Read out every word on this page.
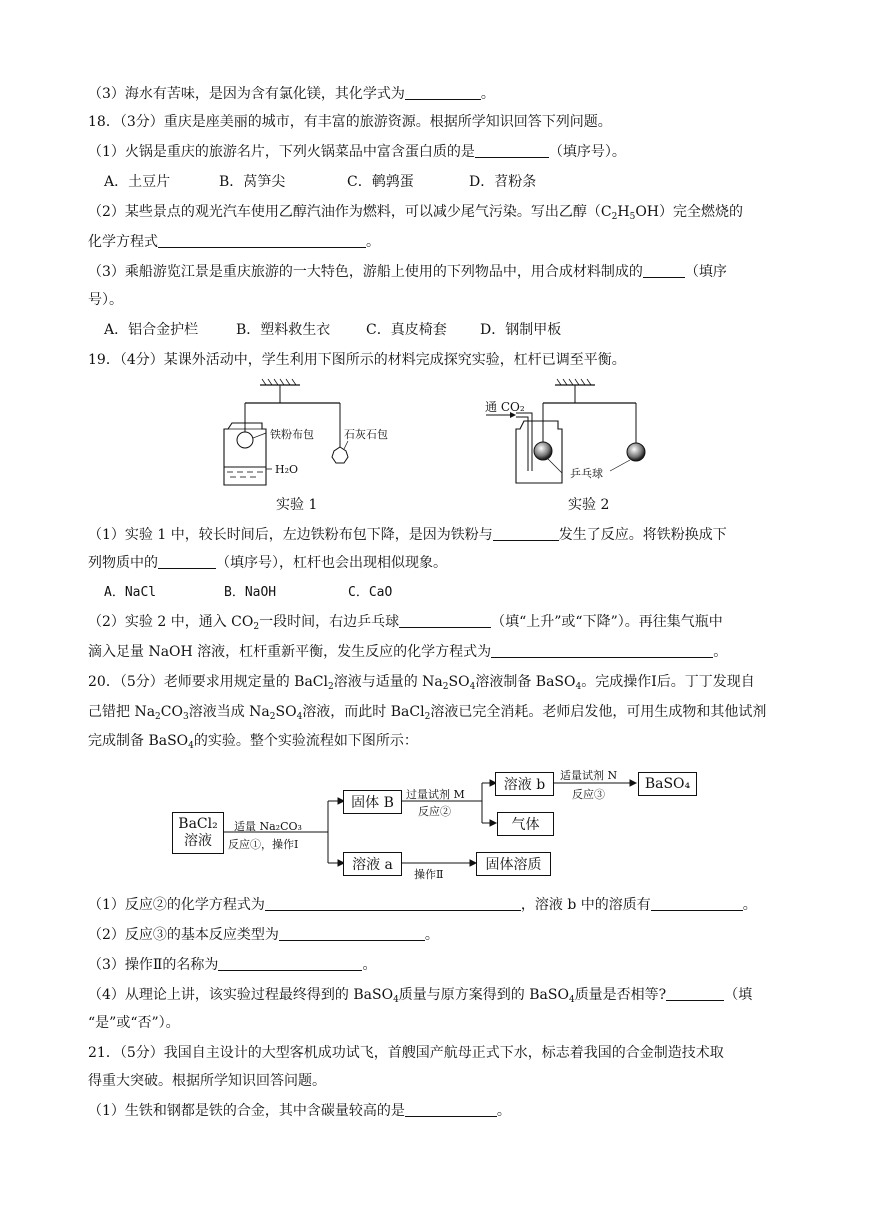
（3）海水有苦味，是因为含有氯化镁，其化学式为	。
18．（3分）重庆是座美丽的城市，有丰富的旅游资源。根据所学知识回答下列问题。
（1）火锅是重庆的旅游名片，下列火锅菜品中富含蛋白质的是	（填序号）。
A．土豆片	B．莴笋尖	C．鹌鹑蛋	D．苕粉条
（2）某些景点的观光汽车使用乙醇汽油作为燃料，可以减少尾气污染。写出乙醇$(C_2H_5OH)$完全燃烧的
化学方程式	。
（3）乘船游览江景是重庆旅游的一大特色，游船上使用的下列物品中，用合成材料制成的	（填序
号）。
A．铝合金护栏	B．塑料救生衣	C．真皮椅套 D．钢制甲板
19．（4分）某课外活动中，学生利用下图所示的材料完成探究实验，杠杆已调至平衡。
铁粉布包	石灰石包
H₂O
实验 1
通 CO₂
乒乓球
实验 2
（1）实验 1 中，较长时间后，左边铁粉布包下降，是因为铁粉与	发生了反应。将铁粉换成下
列物质中的	（填序号），杠杆也会出现相似现象。
A．NaCl	B．NaOH	C．CaO
（2）实验 2 中，通入 $CO_2$一段时间，右边乒乓球	（填“上升”或“下降”）。再往集气瓶中
滴入足量 NaOH 溶液，杠杆重新平衡，发生反应的化学方程式为	。
20．（5分）老师要求用规定量的 BaCl$_2$溶液与适量的 $Na_2SO_4$溶液制备 BaSO$_4$。完成操作Ⅰ后。丁丁发现自
己错把 $Na_2CO_3$溶液当成 $Na_2SO_4$溶液，而此时 BaCl$_2$溶液已完全消耗。老师启发他，可用生成物和其他试剂
完成制备 BaSO$_4$的实验。整个实验流程如下图所示：
BaCl₂
溶液
适量 Na₂CO₃
反应①，操作Ⅰ
固体 B
过量试剂 M
反应②
溶液 b
适量试剂 N
反应③
BaSO₄
气体
溶液 a
操作Ⅱ
固体溶质
（1）反应②的化学方程式为	，溶液 b 中的溶质有	。
（2）反应③的基本反应类型为	。
（3）操作Ⅱ的名称为	。
（4）从理论上讲，该实验过程最终得到的 BaSO$_4$质量与原方案得到的 BaSO$_4$质量是否相等?	（填
“是”或“否”）。
21．（5分）我国自主设计的大型客机成功试飞，首艘国产航母正式下水，标志着我国的合金制造技术取
得重大突破。根据所学知识回答问题。
（1）生铁和钢都是铁的合金，其中含碳量较高的是	。
